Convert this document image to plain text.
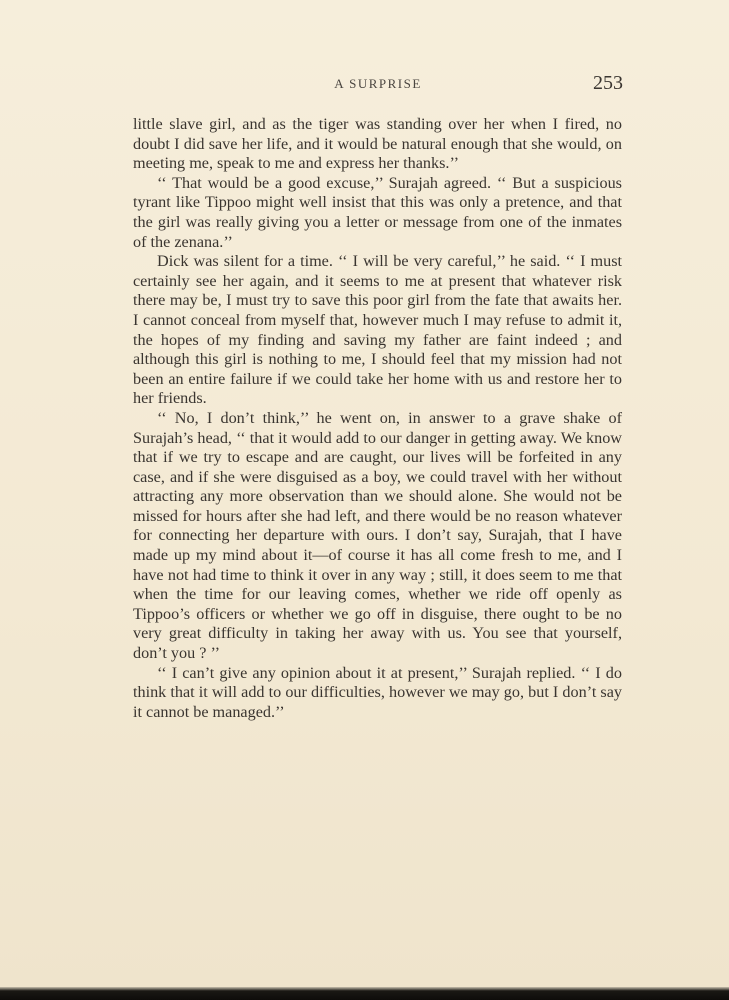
A SURPRISE	253

little slave girl, and as the tiger was standing over her when I fired, no doubt I did save her life, and it would be natural enough that she would, on meeting me, speak to me and express her thanks.’’

‘‘ That would be a good excuse,’’ Surajah agreed. ‘‘ But a suspicious tyrant like Tippoo might well insist that this was only a pretence, and that the girl was really giving you a letter or message from one of the inmates of the zenana.’’

Dick was silent for a time. ‘‘ I will be very careful,’’ he said. ‘‘ I must certainly see her again, and it seems to me at present that whatever risk there may be, I must try to save this poor girl from the fate that awaits her. I cannot conceal from myself that, however much I may refuse to admit it, the hopes of my finding and saving my father are faint indeed ; and although this girl is nothing to me, I should feel that my mission had not been an entire failure if we could take her home with us and restore her to her friends.

‘‘ No, I don’t think,’’ he went on, in answer to a grave shake of Surajah’s head, ‘‘ that it would add to our danger in getting away. We know that if we try to escape and are caught, our lives will be forfeited in any case, and if she were disguised as a boy, we could travel with her without attracting any more observation than we should alone. She would not be missed for hours after she had left, and there would be no reason whatever for connecting her departure with ours. I don’t say, Surajah, that I have made up my mind about it—of course it has all come fresh to me, and I have not had time to think it over in any way ; still, it does seem to me that when the time for our leaving comes, whether we ride off openly as Tippoo’s officers or whether we go off in disguise, there ought to be no very great difficulty in taking her away with us. You see that yourself, don’t you ? ’’

‘‘ I can’t give any opinion about it at present,’’ Surajah replied. ‘‘ I do think that it will add to our difficulties, however we may go, but I don’t say it cannot be managed.’’
